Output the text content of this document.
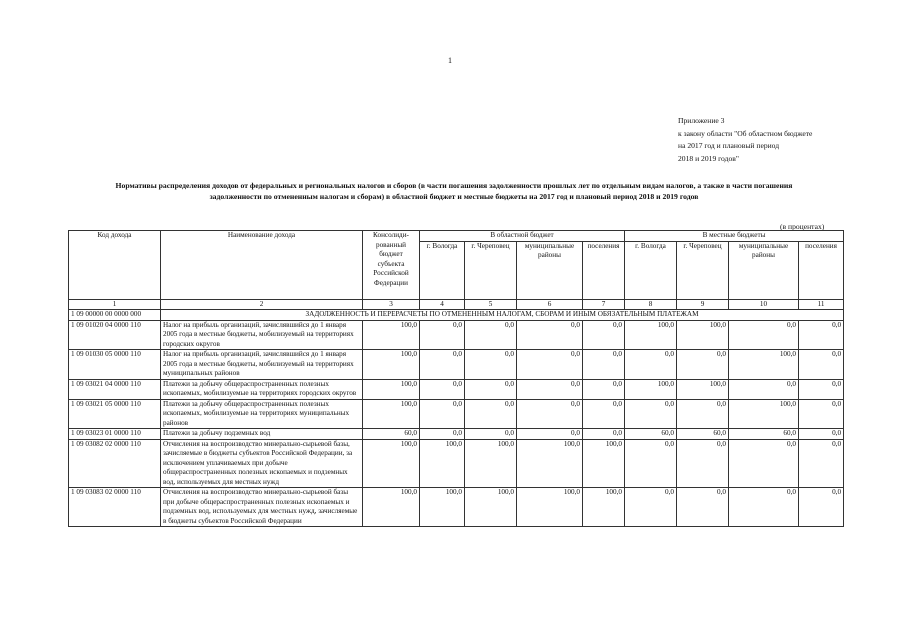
1
Приложение 3
к закону области "Об областном бюджете
на 2017 год и плановый период
2018 и 2019 годов"
Нормативы распределения доходов от федеральных и региональных налогов и сборов (в части погашения задолженности прошлых лет по отдельным видам налогов, а также в части погашения
задолженности по отмененным налогам и сборам) в областной бюджет и местные бюджеты на 2017 год и плановый период 2018 и 2019 годов
(в процентах)
Код дохода	Наименование дохода	Консолиди-рованный бюджет субъекта Российской Федерации	В областной бюджет				В местные бюджеты			
			г. Вологда	г. Череповец	муниципальные районы	поселения	г. Вологда	г. Череповец	муниципальные районы	поселения
1	2	3	4	5	6	7	8	9	10	11
1 09 00000 00 0000 000	ЗАДОЛЖЕННОСТЬ И ПЕРЕРАСЧЕТЫ ПО ОТМЕНЕННЫМ НАЛОГАМ, СБОРАМ И ИНЫМ ОБЯЗАТЕЛЬНЫМ ПЛАТЕЖАМ									
1 09 01020 04 0000 110	Налог на прибыль организаций, зачислявшийся до 1 января 2005 года в местные бюджеты, мобилизуемый на территориях городских округов	100,0	0,0	0,0	0,0	0,0	100,0	100,0	0,0	0,0
1 09 01030 05 0000 110	Налог на прибыль организаций, зачислявшийся до 1 января 2005 года в местные бюджеты, мобилизуемый на территориях муниципальных районов	100,0	0,0	0,0	0,0	0,0	0,0	0,0	100,0	0,0
1 09 03021 04 0000 110	Платежи за добычу общераспространенных полезных ископаемых, мобилизуемые на территориях городских округов	100,0	0,0	0,0	0,0	0,0	100,0	100,0	0,0	0,0
1 09 03021 05 0000 110	Платежи за добычу общераспространенных полезных ископаемых, мобилизуемые на территориях муниципальных районов	100,0	0,0	0,0	0,0	0,0	0,0	0,0	100,0	0,0
1 09 03023 01 0000 110	Платежи за добычу подземных вод	60,0	0,0	0,0	0,0	0,0	60,0	60,0	60,0	0,0
1 09 03082 02 0000 110	Отчисления на воспроизводство минерально-сырьевой базы, зачисляемые в бюджеты субъектов Российской Федерации, за исключением уплачиваемых при добыче общераспространенных полезных ископаемых и подземных вод, используемых для местных нужд	100,0	100,0	100,0	100,0	100,0	0,0	0,0	0,0	0,0
1 09 03083 02 0000 110	Отчисления на воспроизводство минерально-сырьевой базы при добыче общераспространенных полезных ископаемых и подземных вод, используемых для местных нужд, зачисляемые в бюджеты субъектов Российской Федерации	100,0	100,0	100,0	100,0	100,0	0,0	0,0	0,0	0,0
